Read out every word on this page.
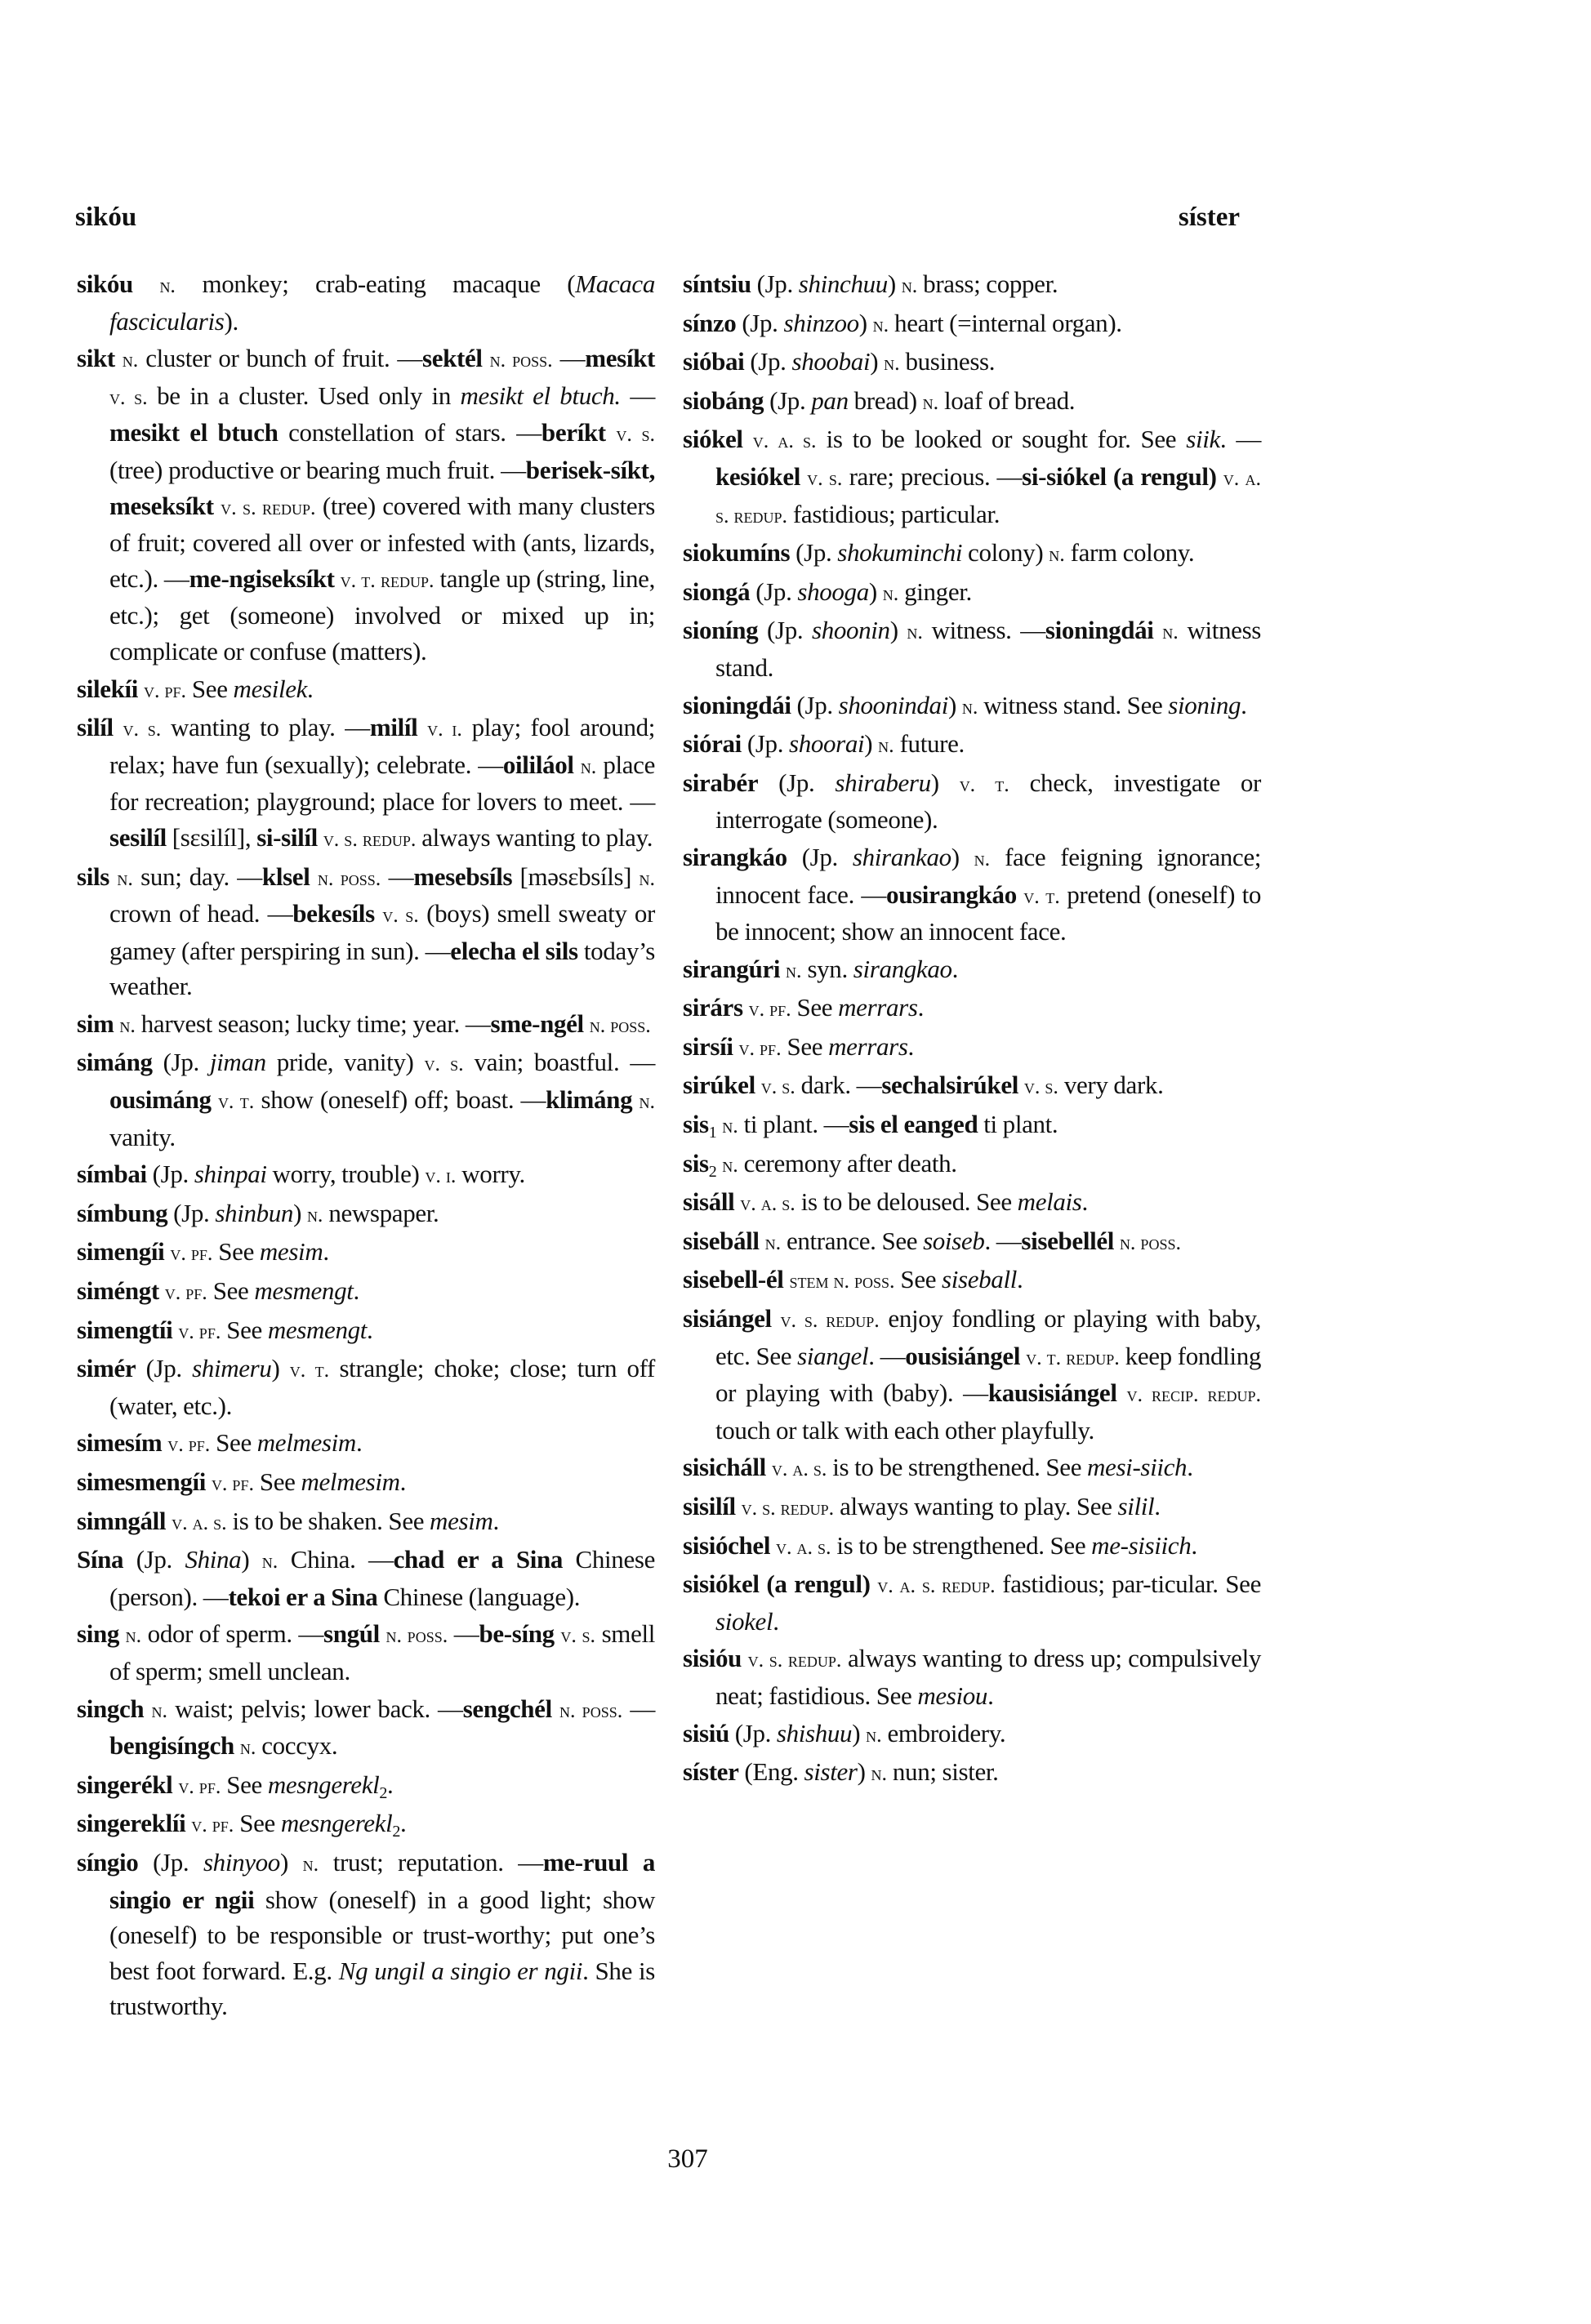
sikóu	síster
sikóu n. monkey; crab-eating macaque (Macaca fascicularis).
sikt n. cluster or bunch of fruit. —sektél n. poss. —mesíkt v. s. be in a cluster. Used only in mesikt el btuch. —mesikt el btuch constellation of stars. —beríkt v. s. (tree) productive or bearing much fruit. —berisek-síkt, meseksíkt v. s. redup. (tree) covered with many clusters of fruit; covered all over or infested with (ants, lizards, etc.). —me-ngiseksíkt v. t. redup. tangle up (string, line, etc.); get (someone) involved or mixed up in; complicate or confuse (matters).
silekíi v. pf. See mesilek.
silíl v. s. wanting to play. —milíl v. i. play; fool around; relax; have fun (sexually); celebrate. —oililáol n. place for recreation; playground; place for lovers to meet. —sesilíl [sɛsilíl], si-silíl v. s. redup. always wanting to play.
sils n. sun; day. —klsel n. poss. —mesebsíls [məsɛbsíls] n. crown of head. —bekesíls v. s. (boys) smell sweaty or gamey (after perspiring in sun). —elecha el sils today’s weather.
sim n. harvest season; lucky time; year. —sme-ngél n. poss.
simáng (Jp. jiman pride, vanity) v. s. vain; boastful. —ousimáng v. t. show (oneself) off; boast. —klimáng n. vanity.
símbai (Jp. shinpai worry, trouble) v. i. worry.
símbung (Jp. shinbun) n. newspaper.
simengíi v. pf. See mesim.
siméngt v. pf. See mesmengt.
simengtíi v. pf. See mesmengt.
simér (Jp. shimeru) v. t. strangle; choke; close; turn off (water, etc.).
simesím v. pf. See melmesim.
simesmengíi v. pf. See melmesim.
simngáll v. a. s. is to be shaken. See mesim.
Sína (Jp. Shina) n. China. —chad er a Sina Chinese (person). —tekoi er a Sina Chinese (language).
sing n. odor of sperm. —sngúl n. poss. —be-síng v. s. smell of sperm; smell unclean.
singch n. waist; pelvis; lower back. —sengchél n. poss. —bengisíngch n. coccyx.
singerékl v. pf. See mesngerekl$_2$.
singereklíi v. pf. See mesngerekl$_2$.
síngio (Jp. shinyoo) n. trust; reputation. —me-ruul a singio er ngii show (oneself) in a good light; show (oneself) to be responsible or trust-worthy; put one’s best foot forward. E.g. Ng ungil a singio er ngii. She is trustworthy.
síntsiu (Jp. shinchuu) n. brass; copper.
sínzo (Jp. shinzoo) n. heart (=internal organ).
sióbai (Jp. shoobai) n. business.
siobáng (Jp. pan bread) n. loaf of bread.
siókel v. a. s. is to be looked or sought for. See siik. —kesiókel v. s. rare; precious. —si-siókel (a rengul) v. a. s. redup. fastidious; particular.
siokumíns (Jp. shokuminchi colony) n. farm colony.
siongá (Jp. shooga) n. ginger.
sioníng (Jp. shoonin) n. witness. —sioningdái n. witness stand.
sioningdái (Jp. shoonindai) n. witness stand. See sioning.
siórai (Jp. shoorai) n. future.
sirabér (Jp. shiraberu) v. t. check, investigate or interrogate (someone).
sirangkáo (Jp. shirankao) n. face feigning ignorance; innocent face. —ousirangkáo v. t. pretend (oneself) to be innocent; show an innocent face.
sirangúri n. syn. sirangkao.
sirárs v. pf. See merrars.
sirsíi v. pf. See merrars.
sirúkel v. s. dark. —sechalsirúkel v. s. very dark.
sis$_1$ n. ti plant. —sis el eanged ti plant.
sis$_2$ n. ceremony after death.
sisáll v. a. s. is to be deloused. See melais.
sisebáll n. entrance. See soiseb. —sisebellél n. poss.
sisebell-él stem n. poss. See siseball.
sisiángel v. s. redup. enjoy fondling or playing with baby, etc. See siangel. —ousisiángel v. t. redup. keep fondling or playing with (baby). —kausisiángel v. recip. redup. touch or talk with each other playfully.
sisicháll v. a. s. is to be strengthened. See mesi-siich.
sisilíl v. s. redup. always wanting to play. See silil.
sisióchel v. a. s. is to be strengthened. See me-sisiich.
sisiókel (a rengul) v. a. s. redup. fastidious; par-ticular. See siokel.
sisióu v. s. redup. always wanting to dress up; compulsively neat; fastidious. See mesiou.
sisiú (Jp. shishuu) n. embroidery.
síster (Eng. sister) n. nun; sister.
307
